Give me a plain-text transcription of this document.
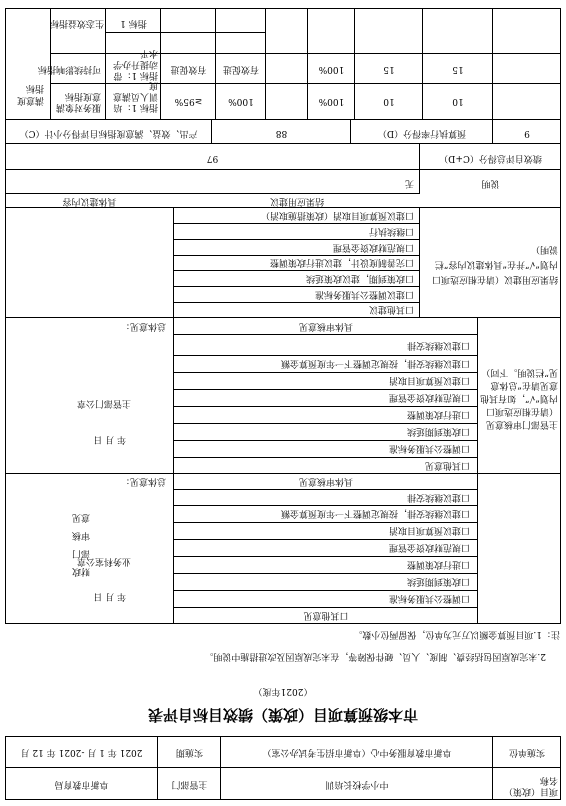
市本级预算项目（政策）绩效目标自评表
（2021年度）
项目（政策）名称
中小学校长培训
主管部门
阜新市教育局
实施单位
阜新市教育服务中心（阜新市招生考试办公室）
实施期
2021 年 1 月 -2021 年 12 月
2.未完成原因包括经费、制度、人员、硬件保障等，在未完成原因及改进措施中说明。
注：1.项目预算金额以万元为单位，保留两位小数。
财政部门审核意见
口其他意见
口调整公共服务标准
口政策到期延续
口进行政策调整
口规范财政资金管理
口建议预算项目取消
口建议继续安排，按规定调整下一年度预算金额
口建议继续安排
具体审核意见
总体意见：
业务科室公章
年 月 日
主管部门审核意见（请在相应选项口内划“√”，如有其他意见请在“总体意见”栏说明。下同）
口其他意见
口调整公共服务标准
口政策到期延续
口进行政策调整
口规范财政资金管理
口建议预算项目取消
口建议继续安排，按规定调整下一年度预算金额
口建议继续安排
具体审核意见
总体意见：
主管部门公章
年 月 日
结果应用建议（请在相应选项口内划“√”并在“具体建议内容”栏说明）
口其他建议
口建议调整公共服务标准
口政策到期，建议政策延续
口完善制度设计，建议进行政策调整
口规范财政资金管理
口继续执行
口建议预算项目取消（政策措施取消）
结果应用建议
具体建议内容
说明
无
绩效自评总得分（C+D）
97
9
预算执行率得分（D）
88
产出、效益、满意度指标自评得分小计（C）
满意度指标
服务对象满意度指标
指标 1：培训人员满意度
≥95%	100%	100%	10	10
可持续影响指标
指标 1：带动提升办学水平
有效促进	有效促进	100%	15	15
生态效益指标	指标 1
